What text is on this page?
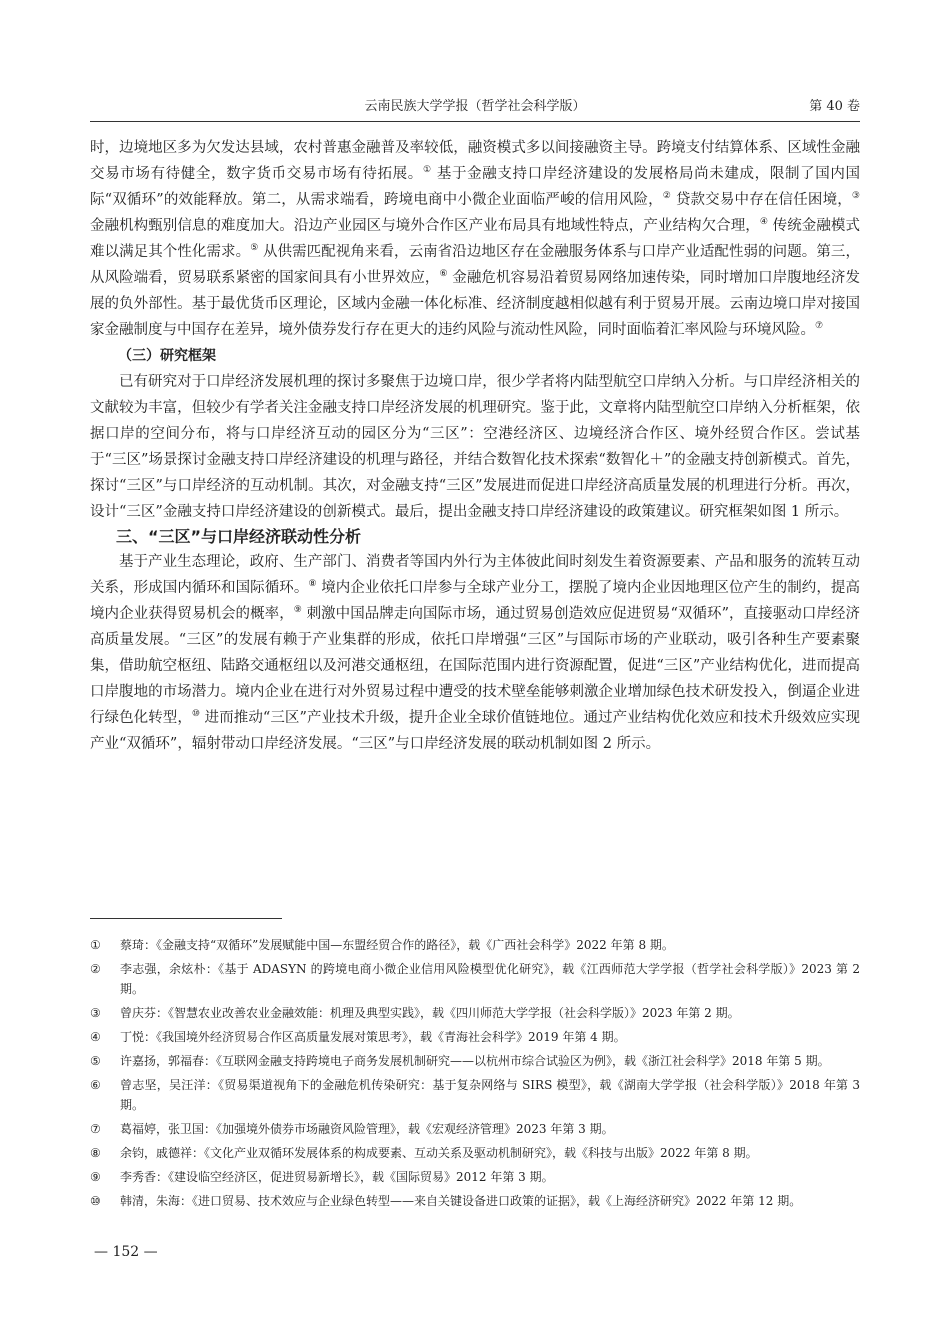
云南民族大学学报（哲学社会科学版）	第 40 卷

时，边境地区多为欠发达县域，农村普惠金融普及率较低，融资模式多以间接融资主导。跨境支付结算体系、区域性金融交易市场有待健全，数字货币交易市场有待拓展。① 基于金融支持口岸经济建设的发展格局尚未建成，限制了国内国际“双循环”的效能释放。第二，从需求端看，跨境电商中小微企业面临严峻的信用风险，② 贷款交易中存在信任困境，③ 金融机构甄别信息的难度加大。沿边产业园区与境外合作区产业布局具有地域性特点，产业结构欠合理，④ 传统金融模式难以满足其个性化需求。⑤ 从供需匹配视角来看，云南省沿边地区存在金融服务体系与口岸产业适配性弱的问题。第三，从风险端看，贸易联系紧密的国家间具有小世界效应，⑥ 金融危机容易沿着贸易网络加速传染，同时增加口岸腹地经济发展的负外部性。基于最优货币区理论，区域内金融一体化标准、经济制度越相似越有利于贸易开展。云南边境口岸对接国家金融制度与中国存在差异，境外债券发行存在更大的违约风险与流动性风险，同时面临着汇率风险与环境风险。⑦

（三）研究框架

已有研究对于口岸经济发展机理的探讨多聚焦于边境口岸，很少学者将内陆型航空口岸纳入分析。与口岸经济相关的文献较为丰富，但较少有学者关注金融支持口岸经济发展的机理研究。鉴于此，文章将内陆型航空口岸纳入分析框架，依据口岸的空间分布，将与口岸经济互动的园区分为“三区”：空港经济区、边境经济合作区、境外经贸合作区。尝试基于“三区”场景探讨金融支持口岸经济建设的机理与路径，并结合数智化技术探索“数智化＋”的金融支持创新模式。首先，探讨“三区”与口岸经济的互动机制。其次，对金融支持“三区”发展进而促进口岸经济高质量发展的机理进行分析。再次，设计“三区”金融支持口岸经济建设的创新模式。最后，提出金融支持口岸经济建设的政策建议。研究框架如图 1 所示。

三、“三区”与口岸经济联动性分析

基于产业生态理论，政府、生产部门、消费者等国内外行为主体彼此间时刻发生着资源要素、产品和服务的流转互动关系，形成国内循环和国际循环。⑧ 境内企业依托口岸参与全球产业分工，摆脱了境内企业因地理区位产生的制约，提高境内企业获得贸易机会的概率，⑨ 刺激中国品牌走向国际市场，通过贸易创造效应促进贸易“双循环”，直接驱动口岸经济高质量发展。“三区”的发展有赖于产业集群的形成，依托口岸增强“三区”与国际市场的产业联动，吸引各种生产要素聚集，借助航空枢纽、陆路交通枢纽以及河港交通枢纽，在国际范围内进行资源配置，促进“三区”产业结构优化，进而提高口岸腹地的市场潜力。境内企业在进行对外贸易过程中遭受的技术壁垒能够刺激企业增加绿色技术研发投入，倒逼企业进行绿色化转型，⑩ 进而推动“三区”产业技术升级，提升企业全球价值链地位。通过产业结构优化效应和技术升级效应实现产业“双循环”，辐射带动口岸经济发展。“三区”与口岸经济发展的联动机制如图 2 所示。

①	蔡琦：《金融支持“双循环”发展赋能中国—东盟经贸合作的路径》，载《广西社会科学》2022 年第 8 期。
②	李志强，余炫朴：《基于 ADASYN 的跨境电商小微企业信用风险模型优化研究》，载《江西师范大学学报（哲学社会科学版）》2023 第 2 期。
③	曾庆芬：《智慧农业改善农业金融效能：机理及典型实践》，载《四川师范大学学报（社会科学版）》2023 年第 2 期。
④	丁悦：《我国境外经济贸易合作区高质量发展对策思考》，载《青海社会科学》2019 年第 4 期。
⑤	许嘉扬，郭福春：《互联网金融支持跨境电子商务发展机制研究——以杭州市综合试验区为例》，载《浙江社会科学》2018 年第 5 期。
⑥	曾志坚，吴汪洋：《贸易渠道视角下的金融危机传染研究：基于复杂网络与 SIRS 模型》，载《湖南大学学报（社会科学版）》2018 年第 3 期。
⑦	葛福婷，张卫国：《加强境外债券市场融资风险管理》，载《宏观经济管理》2023 年第 3 期。
⑧	余钧，戚德祥：《文化产业双循环发展体系的构成要素、互动关系及驱动机制研究》，载《科技与出版》2022 年第 8 期。
⑨	李秀香：《建设临空经济区，促进贸易新增长》，载《国际贸易》2012 年第 3 期。
⑩	韩清，朱海：《进口贸易、技术效应与企业绿色转型——来自关键设备进口政策的证据》，载《上海经济研究》2022 年第 12 期。
— 152 —
